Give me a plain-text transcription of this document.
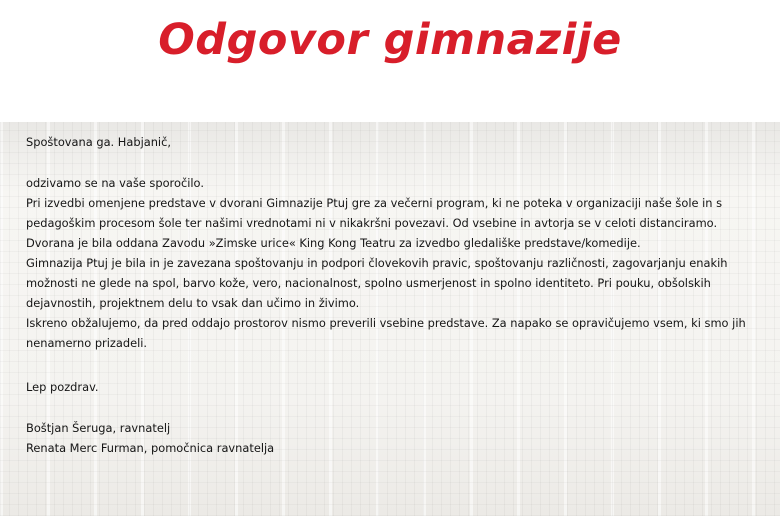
Odgovor gimnazije

Spoštovana ga. Habjanič,

odzivamo se na vaše sporočilo.

Pri izvedbi omenjene predstave v dvorani Gimnazije Ptuj gre za večerni program, ki ne poteka v organizaciji naše šole in s

pedagoškim procesom šole ter našimi vrednotami ni v nikakršni povezavi. Od vsebine in avtorja se v celoti distanciramo.

Dvorana je bila oddana Zavodu »Zimske urice« King Kong Teatru za izvedbo gledališke predstave/komedije.

Gimnazija Ptuj je bila in je zavezana spoštovanju in podpori človekovih pravic, spoštovanju različnosti, zagovarjanju enakih

možnosti ne glede na spol, barvo kože, vero, nacionalnost, spolno usmerjenost in spolno identiteto. Pri pouku, obšolskih

dejavnostih, projektnem delu to vsak dan učimo in živimo.

Iskreno obžalujemo, da pred oddajo prostorov nismo preverili vsebine predstave. Za napako se opravičujemo vsem, ki smo jih

nenamerno prizadeli.

Lep pozdrav.

Boštjan Šeruga, ravnatelj

Renata Merc Furman, pomočnica ravnatelja
